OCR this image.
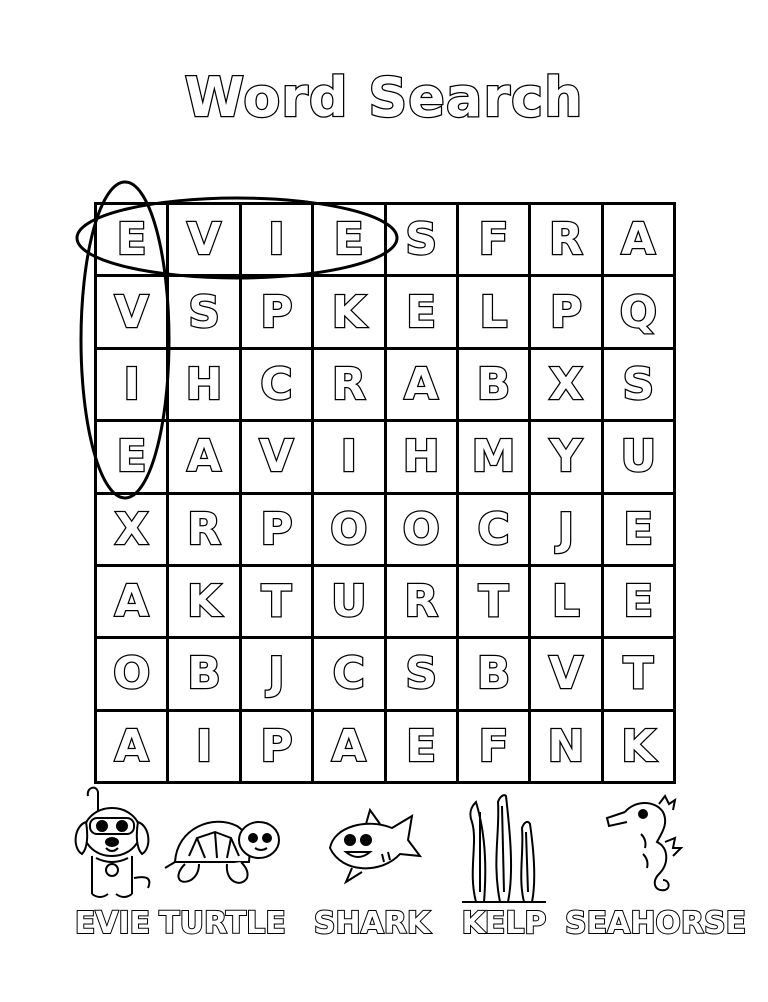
Word Search
E V	I	E S F R A
V S P K E L P Q
I	H C R A B X S
E A V	I	H M Y U
X R P O O C	J	E
A K T U R T L E
O B	J	C S B V T
A	I	P A E F N K
EVIE TURTLE SHARK	KELP SEAHORSE
